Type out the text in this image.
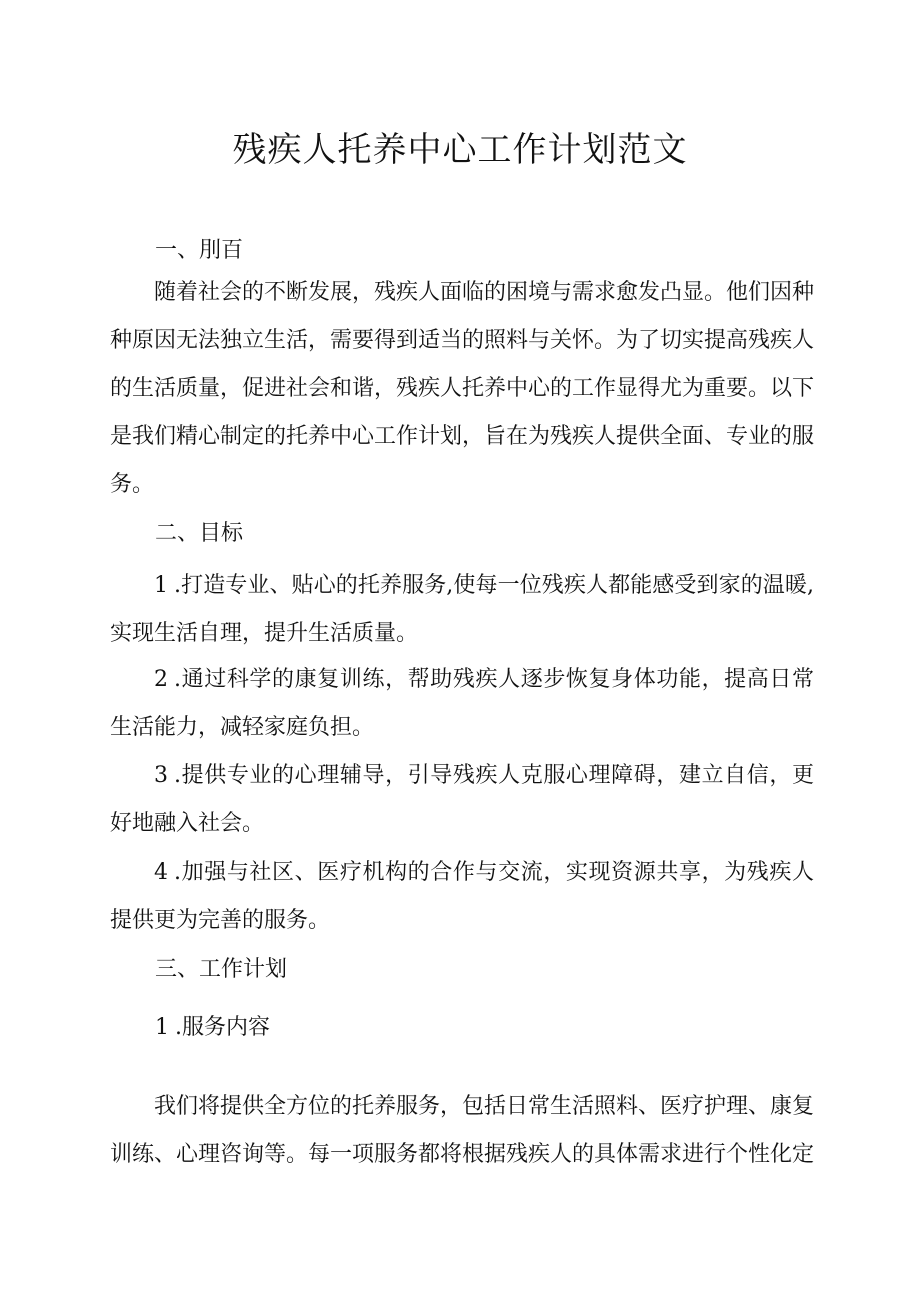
残疾人托养中心工作计划范文
一、刖百
随着社会的不断发展，残疾人面临的困境与需求愈发凸显。他们因种种原因无法独立生活，需要得到适当的照料与关怀。为了切实提高残疾人的生活质量，促进社会和谐，残疾人托养中心的工作显得尤为重要。以下是我们精心制定的托养中心工作计划，旨在为残疾人提供全面、专业的服务。
二、目标
1 .打造专业、贴心的托养服务,使每一位残疾人都能感受到家的温暖,实现生活自理，提升生活质量。
2 .通过科学的康复训练，帮助残疾人逐步恢复身体功能，提高日常生活能力，减轻家庭负担。
3 .提供专业的心理辅导，引导残疾人克服心理障碍，建立自信，更好地融入社会。
4 .加强与社区、医疗机构的合作与交流，实现资源共享，为残疾人提供更为完善的服务。
三、工作计划
1 .服务内容
我们将提供全方位的托养服务，包括日常生活照料、医疗护理、康复训练、心理咨询等。每一项服务都将根据残疾人的具体需求进行个性化定
